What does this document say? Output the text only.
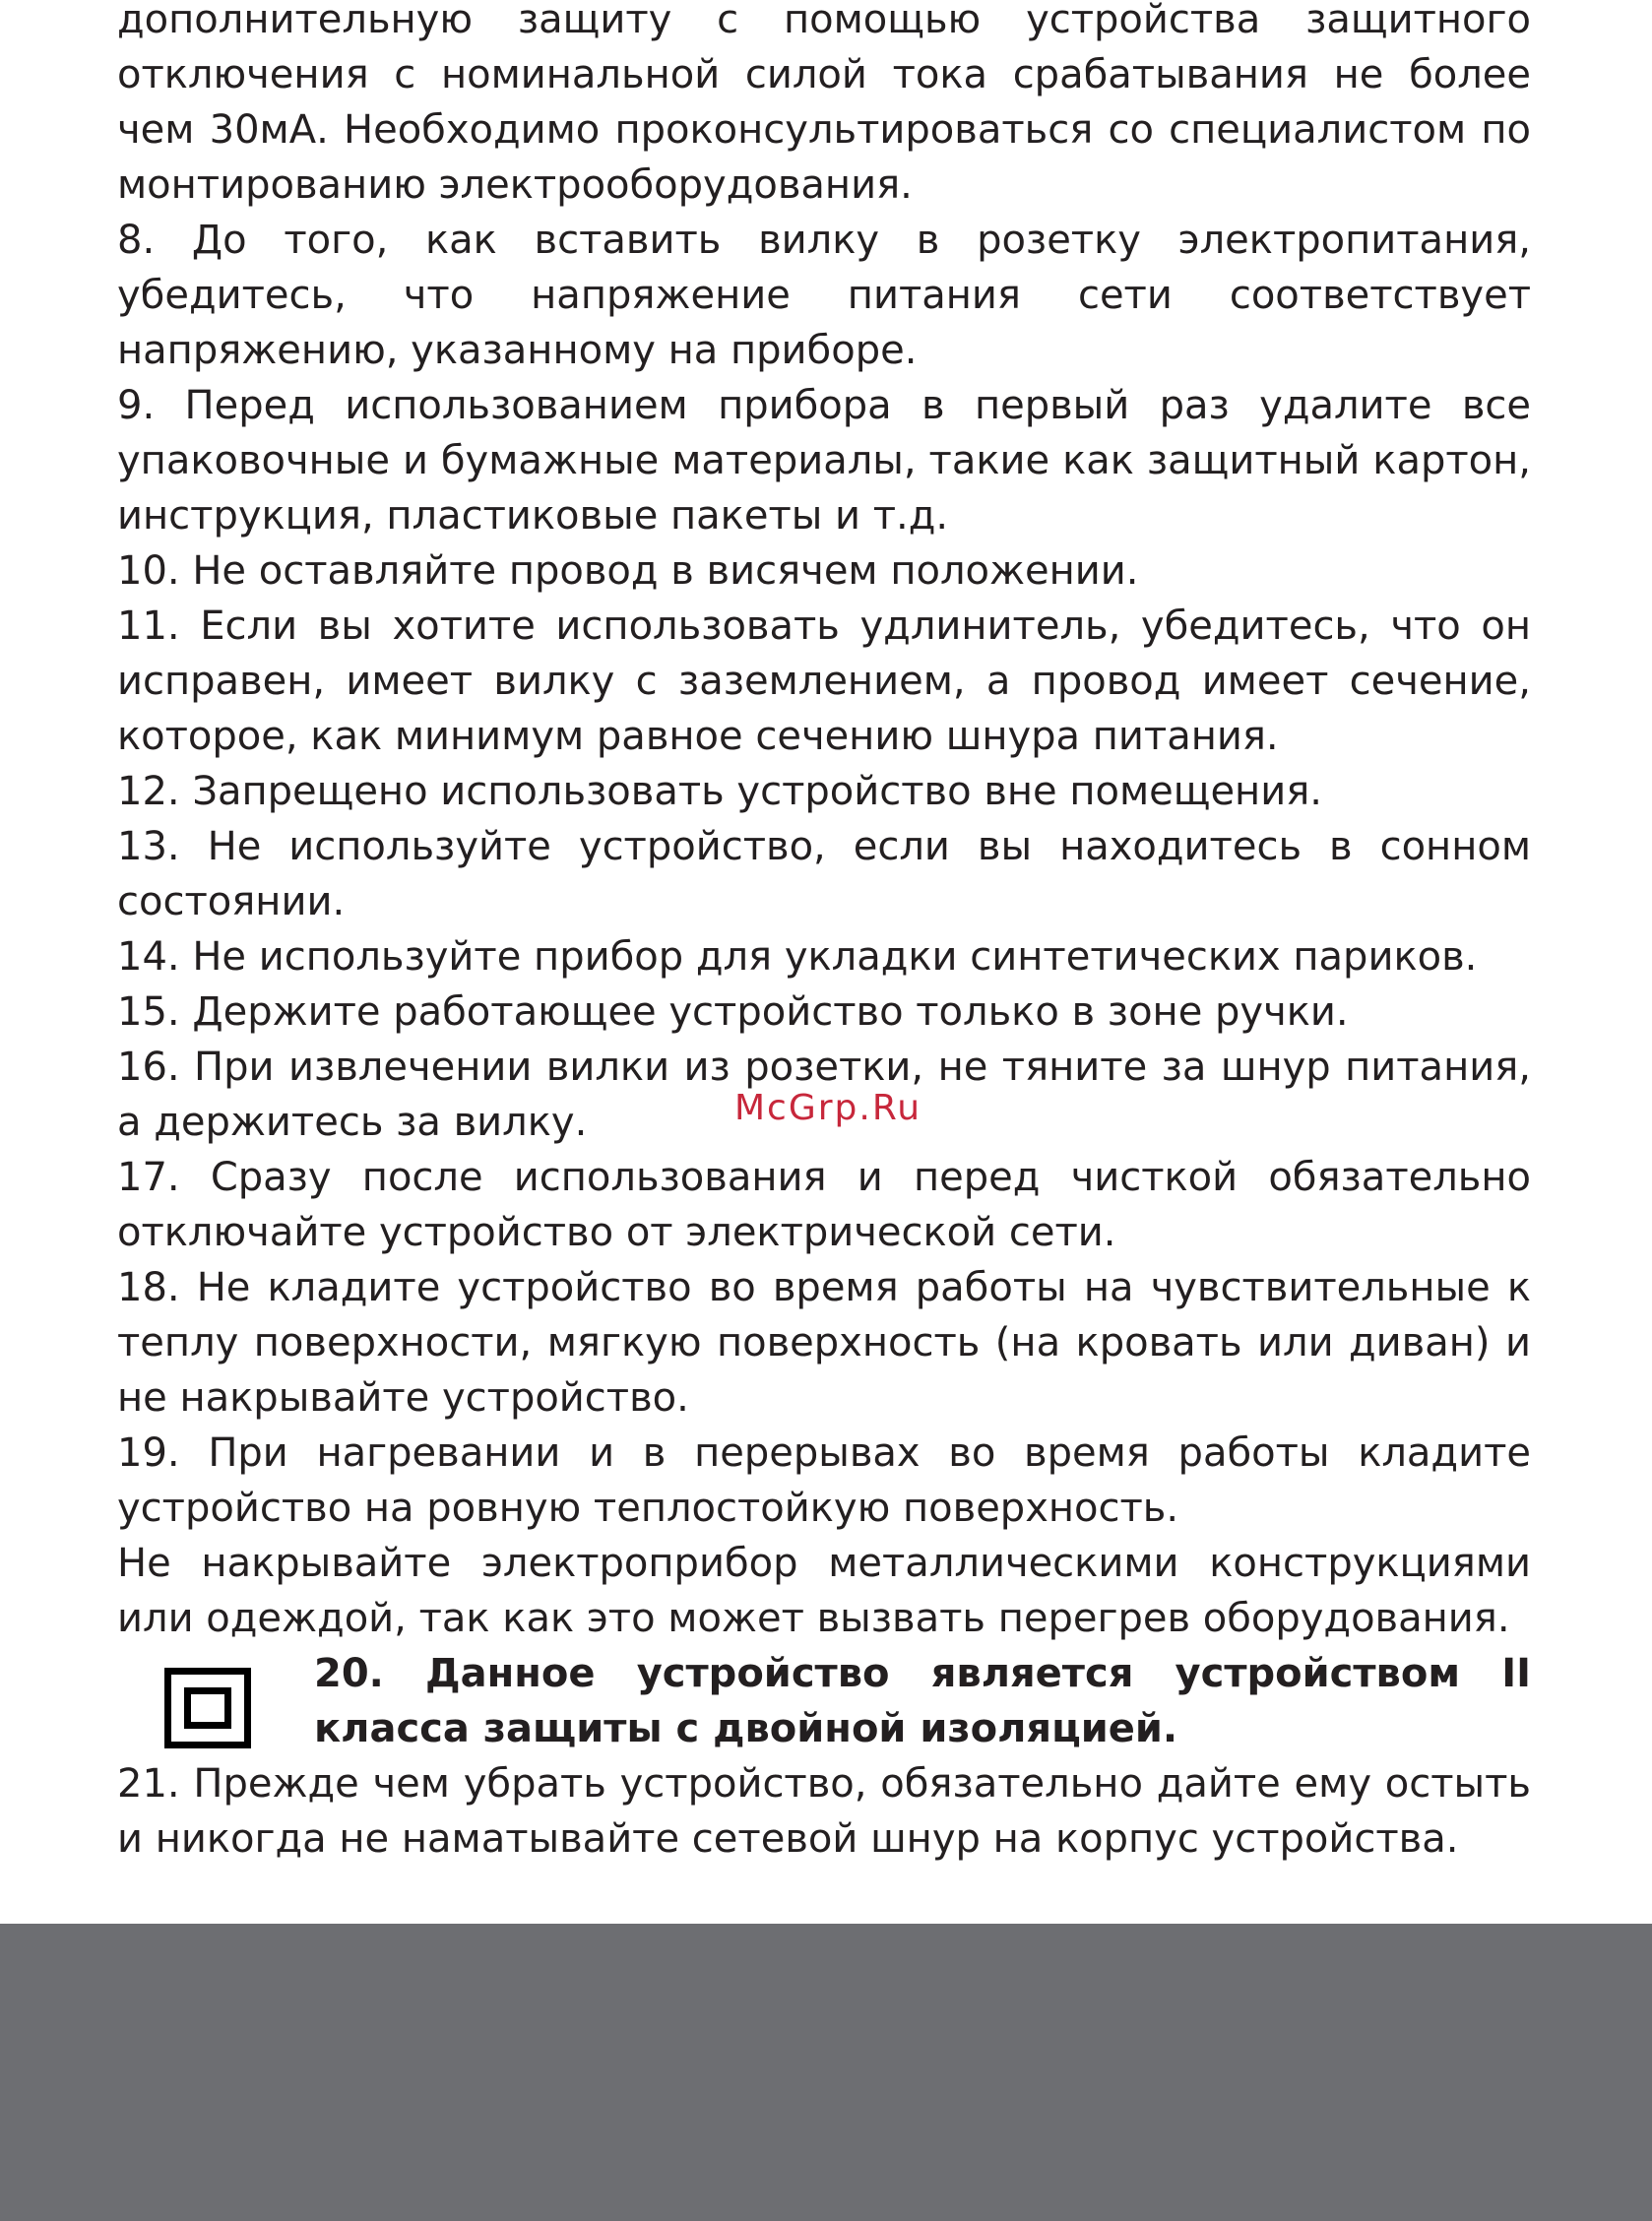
дополнительную защиту с помощью устройства защитного отключения с номинальной силой тока срабатывания не более чем 30мА. Необходимо проконсультироваться со специалистом по монтированию электрооборудования.

8. До того, как вставить вилку в розетку электропитания, убедитесь, что напряжение питания сети соответствует напряжению, указанному на приборе.

9. Перед использованием прибора в первый раз удалите все упаковочные и бумажные материалы, такие как защитный картон, инструкция, пластиковые пакеты и т.д.

10. Не оставляйте провод в висячем положении.

11. Если вы хотите использовать удлинитель, убедитесь, что он исправен, имеет вилку с заземлением, а провод имеет сечение, которое, как минимум равное сечению шнура питания.

12. Запрещено использовать устройство вне помещения.

13. Не используйте устройство, если вы находитесь в сонном состоянии.

14. Не используйте прибор для укладки синтетических париков.

15. Держите работающее устройство только в зоне ручки.

16. При извлечении вилки из розетки, не тяните за шнур питания, а держитесь за вилку.

17. Сразу после использования и перед чисткой обязательно отключайте устройство от электрической сети.

18. Не кладите устройство во время работы на чувствительные к теплу поверхности, мягкую поверхность (на кровать или диван) и не накрывайте устройство.

19. При нагревании и в перерывах во время работы кладите устройство на ровную теплостойкую поверхность.

Не накрывайте электроприбор металлическими конструкциями или одеждой, так как это может вызвать перегрев оборудования.

20. Данное устройство является устройством II класса защиты с двойной изоляцией.

21. Прежде чем убрать устройство, обязательно дайте ему остыть и никогда не наматывайте сетевой шнур на корпус устройства.

McGrp.Ru
